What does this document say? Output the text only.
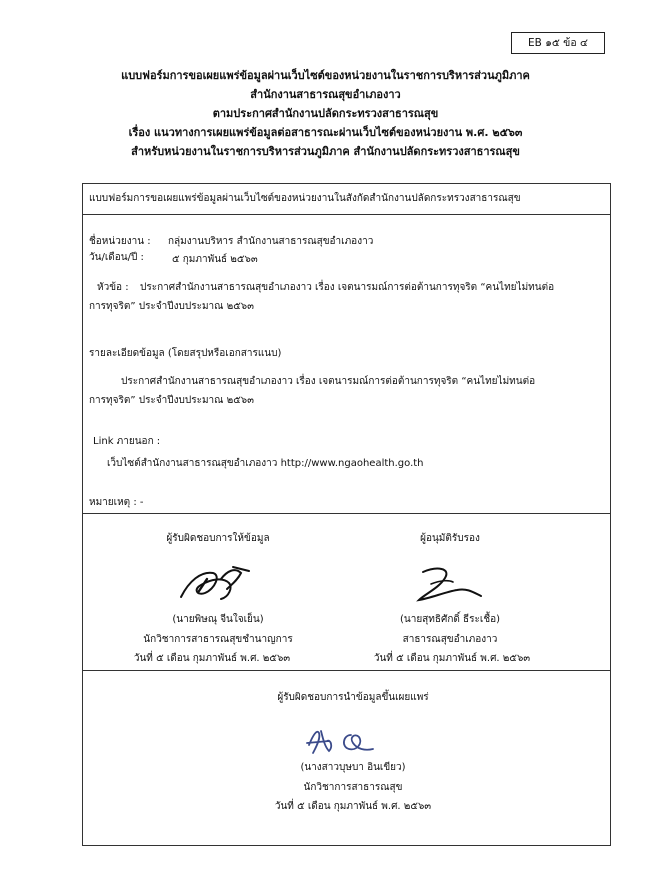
EB ๑๕ ข้อ ๔
แบบฟอร์มการขอเผยแพร่ข้อมูลผ่านเว็บไซต์ของหน่วยงานในราชการบริหารส่วนภูมิภาค
สำนักงานสาธารณสุขอำเภองาว
ตามประกาศสำนักงานปลัดกระทรวงสาธารณสุข
เรื่อง แนวทางการเผยแพร่ข้อมูลต่อสาธารณะผ่านเว็บไซต์ของหน่วยงาน พ.ศ. ๒๕๖๓
สำหรับหน่วยงานในราชการบริหารส่วนภูมิภาค สำนักงานปลัดกระทรวงสาธารณสุข
แบบฟอร์มการขอเผยแพร่ข้อมูลผ่านเว็บไซต์ของหน่วยงานในสังกัดสำนักงานปลัดกระทรวงสาธารณสุข
ชื่อหน่วยงาน : กลุ่มงานบริหาร สำนักงานสาธารณสุขอำเภองาว
วัน/เดือน/ปี :	๕ กุมภาพันธ์ ๒๕๖๓
หัวข้อ : ประกาศสำนักงานสาธารณสุขอำเภองาว เรื่อง เจตนารมณ์การต่อต้านการทุจริต “คนไทยไม่ทนต่อ
การทุจริต” ประจำปีงบประมาณ ๒๕๖๓
รายละเอียดข้อมูล (โดยสรุปหรือเอกสารแนบ)
ประกาศสำนักงานสาธารณสุขอำเภองาว เรื่อง เจตนารมณ์การต่อต้านการทุจริต “คนไทยไม่ทนต่อ
การทุจริต” ประจำปีงบประมาณ ๒๕๖๓
Link ภายนอก :
เว็บไซต์สำนักงานสาธารณสุขอำเภองาว http://www.ngaohealth.go.th
หมายเหตุ : -
ผู้รับผิดชอบการให้ข้อมูล
(นายพิษณุ จีนใจเย็น)
นักวิชาการสาธารณสุขชำนาญการ
วันที่ ๕ เดือน กุมภาพันธ์ พ.ศ. ๒๕๖๓
ผู้อนุมัติรับรอง
(นายสุทธิศักดิ์ ธีระเชื้อ)
สาธารณสุขอำเภองาว
วันที่ ๕ เดือน กุมภาพันธ์ พ.ศ. ๒๕๖๓
ผู้รับผิดชอบการนำข้อมูลขึ้นเผยแพร่
(นางสาวบุษบา อินเขียว)
นักวิชาการสาธารณสุข
วันที่ ๕ เดือน กุมภาพันธ์ พ.ศ. ๒๕๖๓
